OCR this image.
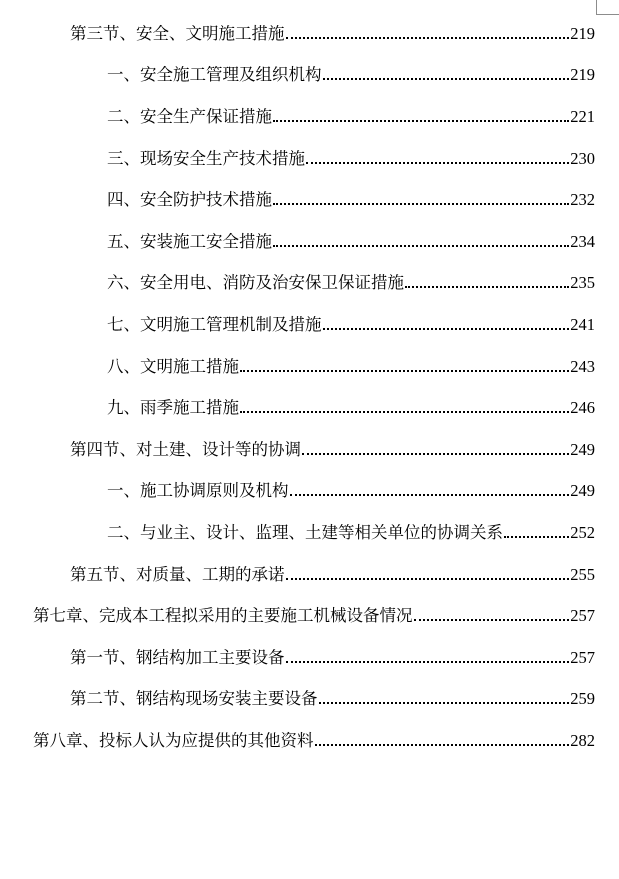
第三节、安全、文明施工措施	219
一、安全施工管理及组织机构	219
二、安全生产保证措施	221
三、现场安全生产技术措施	230
四、安全防护技术措施	232
五、安装施工安全措施	234
六、安全用电、消防及治安保卫保证措施	235
七、文明施工管理机制及措施	241
八、文明施工措施	243
九、雨季施工措施	246
第四节、对土建、设计等的协调	249
一、施工协调原则及机构	249
二、与业主、设计、监理、土建等相关单位的协调关系	252
第五节、对质量、工期的承诺	255
第七章、完成本工程拟采用的主要施工机械设备情况	257
第一节、钢结构加工主要设备	257
第二节、钢结构现场安装主要设备	259
第八章、投标人认为应提供的其他资料	282
